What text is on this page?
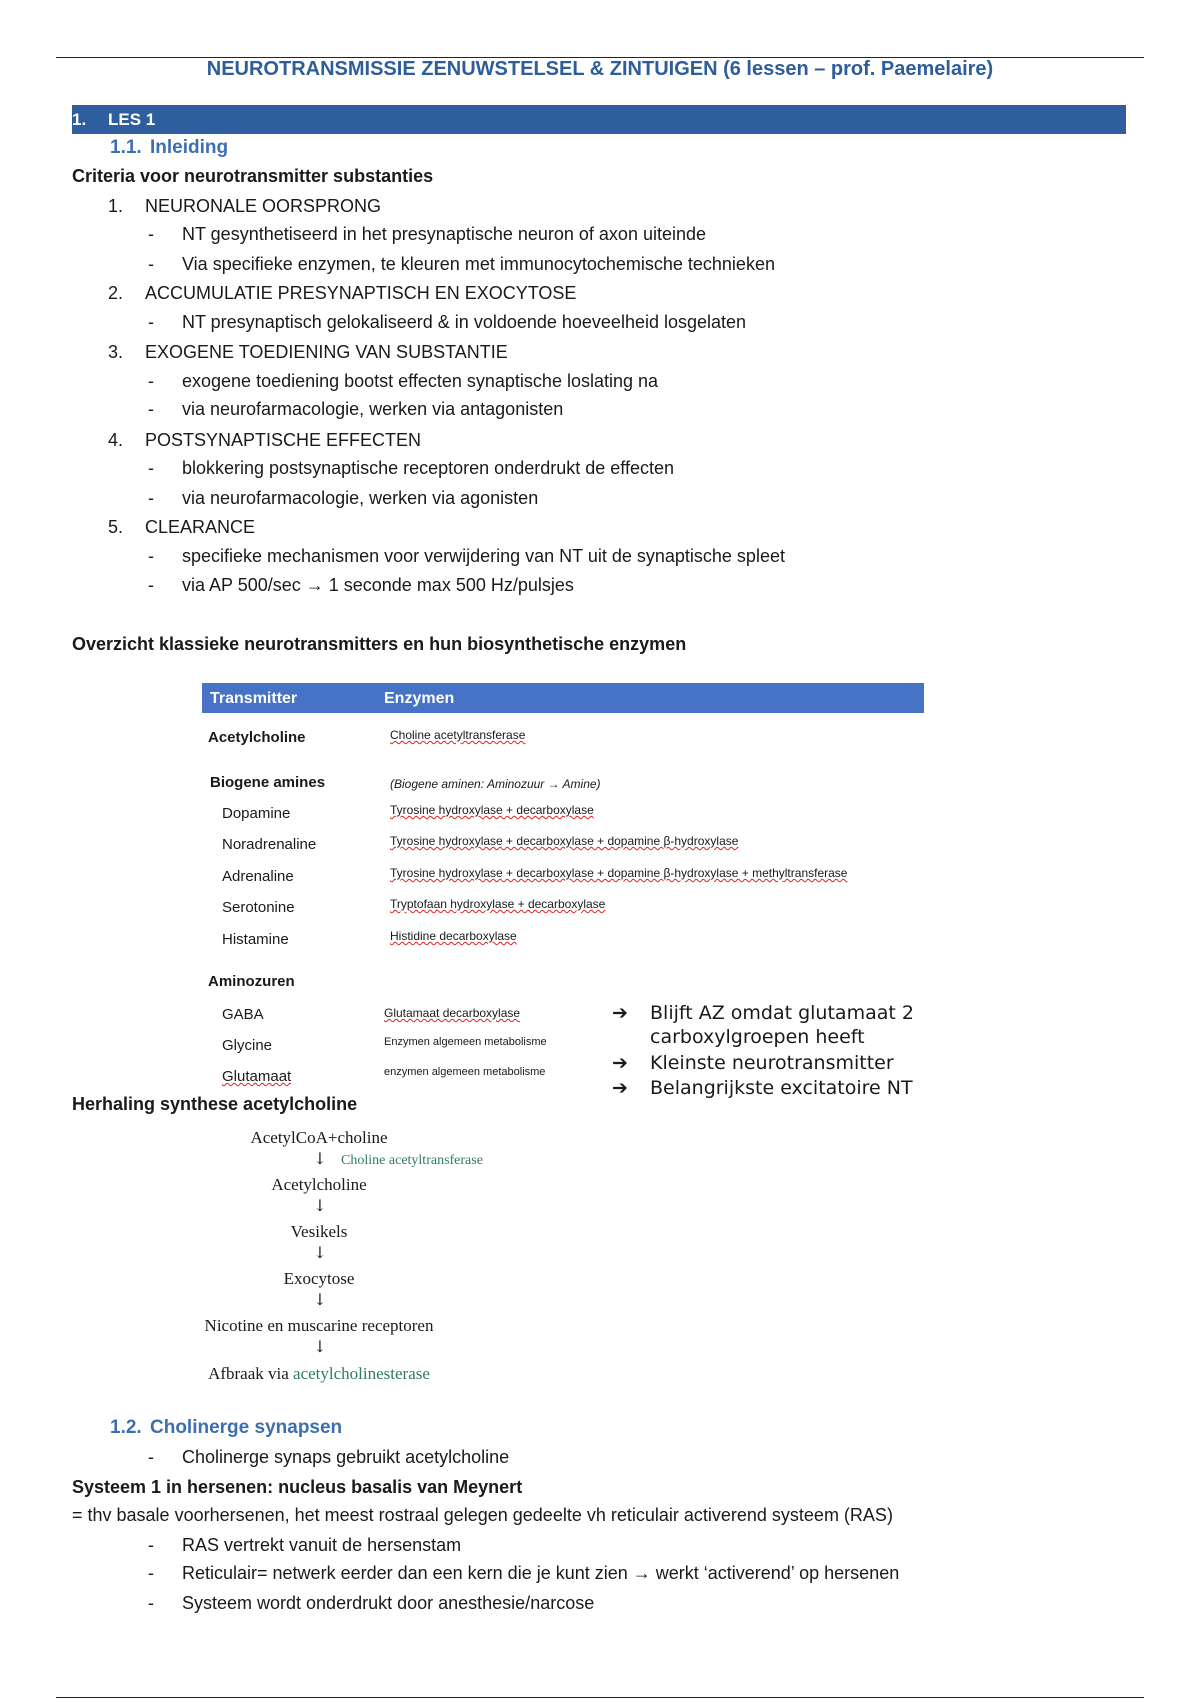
NEUROTRANSMISSIE ZENUWSTELSEL & ZINTUIGEN (6 lessen – prof. Paemelaire)
1. LES 1
1.1. Inleiding
Criteria voor neurotransmitter substanties
1. NEURONALE OORSPRONG
- NT gesynthetiseerd in het presynaptische neuron of axon uiteinde
- Via specifieke enzymen, te kleuren met immunocytochemische technieken
2. ACCUMULATIE PRESYNAPTISCH EN EXOCYTOSE
- NT presynaptisch gelokaliseerd & in voldoende hoeveelheid losgelaten
3. EXOGENE TOEDIENING VAN SUBSTANTIE
- exogene toediening bootst effecten synaptische loslating na
- via neurofarmacologie, werken via antagonisten
4. POSTSYNAPTISCHE EFFECTEN
- blokkering postsynaptische receptoren onderdrukt de effecten
- via neurofarmacologie, werken via agonisten
5. CLEARANCE
- specifieke mechanismen voor verwijdering van NT uit de synaptische spleet
- via AP 500/sec → 1 seconde max 500 Hz/pulsjes
Overzicht klassieke neurotransmitters en hun biosynthetische enzymen
Transmitter	Enzymen
Acetylcholine	Choline acetyltransferase
Biogene amines	(Biogene aminen: Aminozuur → Amine)
Dopamine	Tyrosine hydroxylase + decarboxylase
Noradrenaline	Tyrosine hydroxylase + decarboxylase + dopamine β-hydroxylase
Adrenaline	Tyrosine hydroxylase + decarboxylase + dopamine β-hydroxylase + methyltransferase
Serotonine	Tryptofaan hydroxylase + decarboxylase
Histamine	Histidine decarboxylase
Aminozuren
GABA	Glutamaat decarboxylase
Glycine	Enzymen algemeen metabolisme
Glutamaat	enzymen algemeen metabolisme
➔ Blijft AZ omdat glutamaat 2
carboxylgroepen heeft
➔ Kleinste neurotransmitter
➔ Belangrijkste excitatoire NT
Herhaling synthese acetylcholine
AcetylCoA+choline
↓ Choline acetyltransferase
Acetylcholine
↓
Vesikels
↓
Exocytose
↓
Nicotine en muscarine receptoren
↓
Afbraak via acetylcholinesterase
1.2. Cholinerge synapsen
- Cholinerge synaps gebruikt acetylcholine
Systeem 1 in hersenen: nucleus basalis van Meynert
= thv basale voorhersenen, het meest rostraal gelegen gedeelte vh reticulair activerend systeem (RAS)
- RAS vertrekt vanuit de hersenstam
- Reticulair= netwerk eerder dan een kern die je kunt zien → werkt ‘activerend’ op hersenen
- Systeem wordt onderdrukt door anesthesie/narcose
